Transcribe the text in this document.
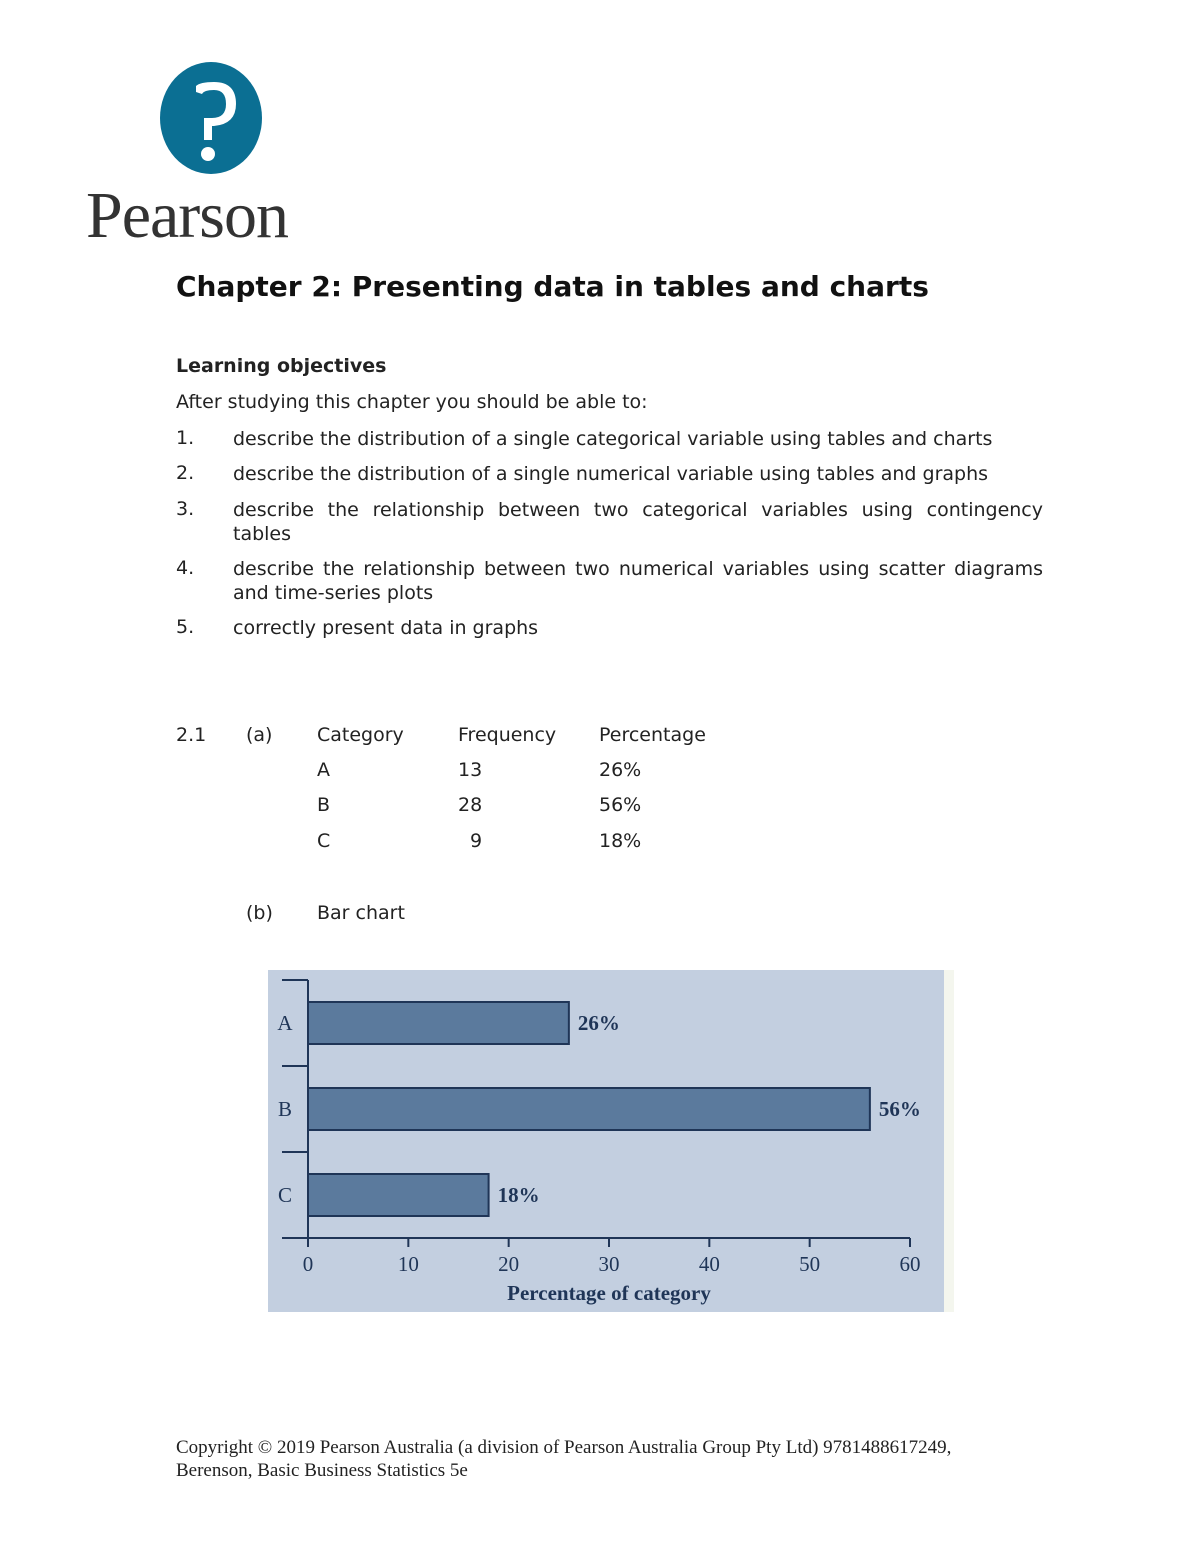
Pearson
Chapter 2: Presenting data in tables and charts
Learning objectives
After studying this chapter you should be able to:
1. describe the distribution of a single categorical variable using tables and charts
2. describe the distribution of a single numerical variable using tables and graphs
3. describe the relationship between two categorical variables using contingency
tables
4. describe the relationship between two numerical variables using scatter diagrams
and time-series plots
5. correctly present data in graphs
2.1 (a) Category	Frequency Percentage
A	13	26%
B	28	56%
C	9	18%
(b) Bar chart
0	10	20	30	40	50	60
A	26%
B	56%
C	18%
Percentage of category
Copyright © 2019 Pearson Australia (a division of Pearson Australia Group Pty Ltd) 9781488617249,
Berenson, Basic Business Statistics 5e
